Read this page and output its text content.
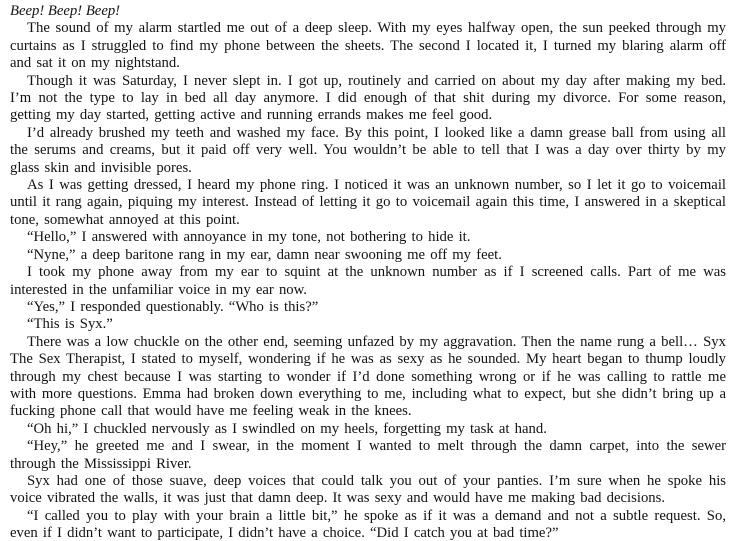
Beep! Beep! Beep!

The sound of my alarm startled me out of a deep sleep. With my eyes halfway open, the sun peeked through my curtains as I struggled to find my phone between the sheets. The second I located it, I turned my blaring alarm off and sat it on my nightstand.

Though it was Saturday, I never slept in. I got up, routinely and carried on about my day after making my bed. I’m not the type to lay in bed all day anymore. I did enough of that shit during my divorce. For some reason, getting my day started, getting active and running errands makes me feel good.

I’d already brushed my teeth and washed my face. By this point, I looked like a damn grease ball from using all the serums and creams, but it paid off very well. You wouldn’t be able to tell that I was a day over thirty by my glass skin and invisible pores.

As I was getting dressed, I heard my phone ring. I noticed it was an unknown number, so I let it go to voicemail until it rang again, piquing my interest. Instead of letting it go to voicemail again this time, I answered in a skeptical tone, somewhat annoyed at this point.

“Hello,” I answered with annoyance in my tone, not bothering to hide it.

“Nyne,” a deep baritone rang in my ear, damn near swooning me off my feet.

I took my phone away from my ear to squint at the unknown number as if I screened calls. Part of me was interested in the unfamiliar voice in my ear now.

“Yes,” I responded questionably. “Who is this?”

“This is Syx.”

There was a low chuckle on the other end, seeming unfazed by my aggravation. Then the name rung a bell… Syx The Sex Therapist, I stated to myself, wondering if he was as sexy as he sounded. My heart began to thump loudly through my chest because I was starting to wonder if I’d done something wrong or if he was calling to rattle me with more questions. Emma had broken down everything to me, including what to expect, but she didn’t bring up a fucking phone call that would have me feeling weak in the knees.

“Oh hi,” I chuckled nervously as I swindled on my heels, forgetting my task at hand.

“Hey,” he greeted me and I swear, in the moment I wanted to melt through the damn carpet, into the sewer through the Mississippi River.

Syx had one of those suave, deep voices that could talk you out of your panties. I’m sure when he spoke his voice vibrated the walls, it was just that damn deep. It was sexy and would have me making bad decisions.

“I called you to play with your brain a little bit,” he spoke as if it was a demand and not a subtle request. So, even if I didn’t want to participate, I didn’t have a choice. “Did I catch you at bad time?”
